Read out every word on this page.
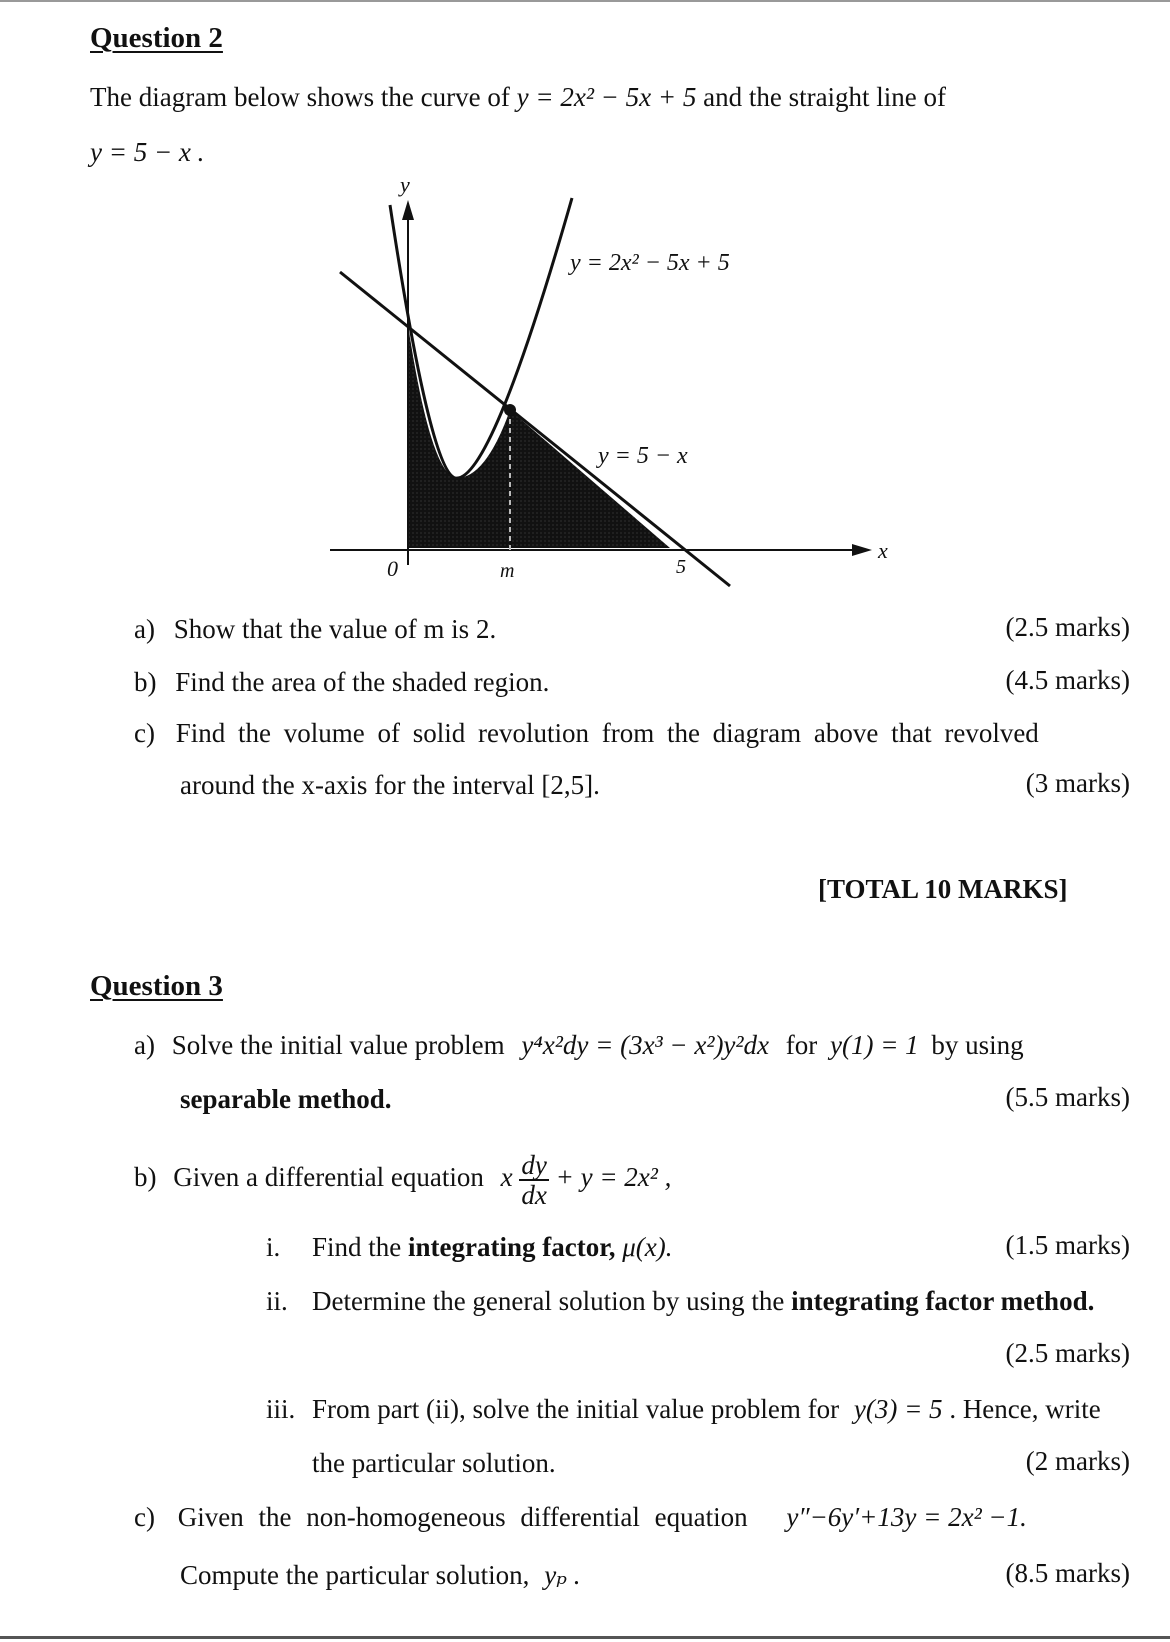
Question 2
The diagram below shows the curve of y = 2x² − 5x + 5 and the straight line of
y = 5 − x .
y
x
0	m	5
y = 2x² − 5x + 5
y = 5 − x
a) Show that the value of m is 2.	(2.5 marks)
b) Find the area of the shaded region.	(4.5 marks)
c) Find the volume of solid revolution from the diagram above that revolved
around the x-axis for the interval [2,5].	(3 marks)
[TOTAL 10 MARKS]
Question 3
a) Solve the initial value problem y⁴x²dy = (3x³ − x²)y²dx for y(1) = 1 by using
separable method.	(5.5 marks)
b) Given a differential equation x $\frac{dy}{dx} + y = 2x^2$ ,
i. Find the integrating factor, μ(x).	(1.5 marks)
ii. Determine the general solution by using the integrating factor method.
(2.5 marks)
iii. From part (ii), solve the initial value problem for y(3) = 5 . Hence, write
the particular solution.	(2 marks)
c) Given the non-homogeneous differential equation y″−6y′+13y = 2x² −1.
Compute the particular solution, yₚ .	(8.5 marks)
